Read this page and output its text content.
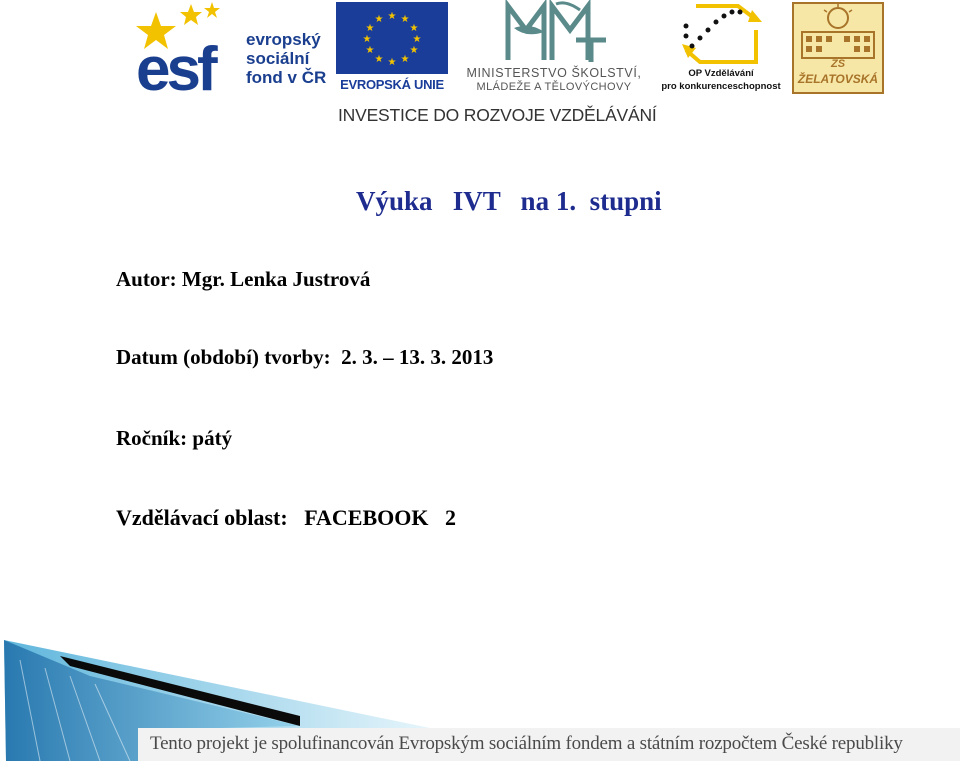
esf evropský
sociální
fond v ČR
★ ★
★
★
★
★
★
★
★
★
★
★
EVROPSKÁ UNIE
MINISTERSTVO ŠKOLSTVÍ,
MLÁDEŽE A TĚLOVÝCHOVY
OP Vzdělávání
pro konkurenceschopnost
ZŠ
ŽELATOVSKÁ
INVESTICE DO ROZVOJE VZDĚLÁVÁNÍ
Výuka   IVT   na 1.  stupni
Autor: Mgr. Lenka Justrová
Datum (období) tvorby:  2. 3. – 13. 3. 2013
Ročník: pátý
Vzdělávací oblast:   FACEBOOK   2
Tento projekt je spolufinancován Evropským sociálním fondem a státním rozpočtem České republiky
